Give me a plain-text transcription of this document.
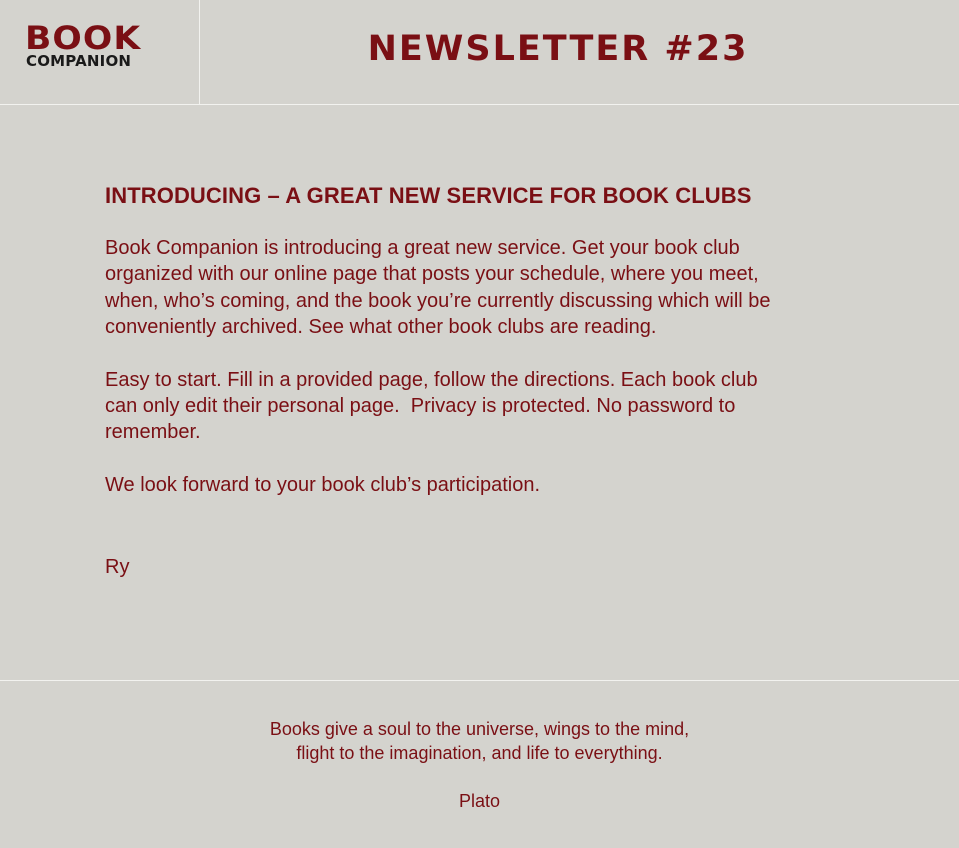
BOOK
COMPANION	NEWSLETTER #23
INTRODUCING – A GREAT NEW SERVICE FOR BOOK CLUBS
Book Companion is introducing a great new service. Get your book club
organized with our online page that posts your schedule, where you meet,
when, who’s coming, and the book you’re currently discussing which will be
conveniently archived. See what other book clubs are reading.
Easy to start. Fill in a provided page, follow the directions. Each book club
can only edit their personal page.  Privacy is protected. No password to
remember.
We look forward to your book club’s participation.
Ry
Books give a soul to the universe, wings to the mind,
flight to the imagination, and life to everything.
Plato
